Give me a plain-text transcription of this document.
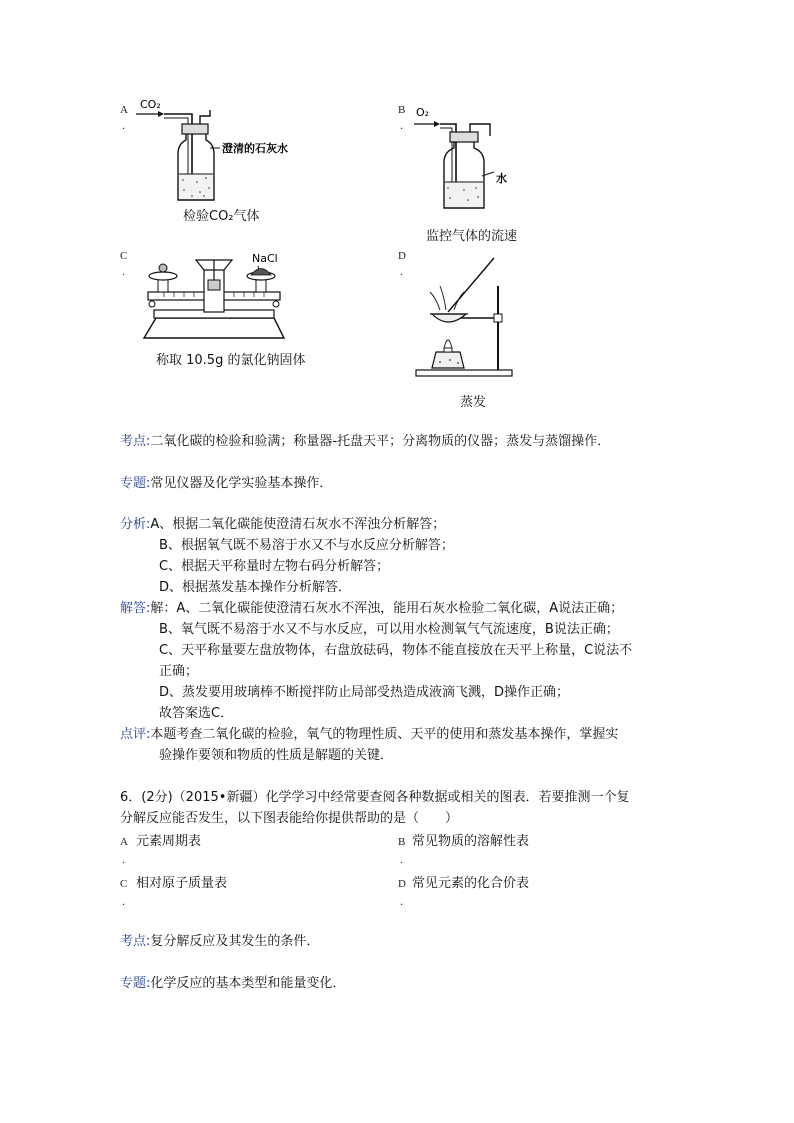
A
.
CO₂
澄清的石灰水
检验CO₂气体
B
.
O₂
水
监控气体的流速
C
.
NaCl
称取 10.5g 的氯化钠固体
D
.
蒸发
考点:二氧化碳的检验和验满；称量器-托盘天平；分离物质的仪器；蒸发与蒸馏操作．
专题:常见仪器及化学实验基本操作．
分析:A、根据二氧化碳能使澄清石灰水不浑浊分析解答；
B、根据氧气既不易溶于水又不与水反应分析解答；
C、根据天平称量时左物右码分析解答；
D、根据蒸发基本操作分析解答．
解答:解：A、二氧化碳能使澄清石灰水不浑浊，能用石灰水检验二氧化碳，A说法正确；
B、氧气既不易溶于水又不与水反应，可以用水检测氧气气流速度，B说法正确；
C、天平称量要左盘放物体，右盘放砝码，物体不能直接放在天平上称量，C说法不
正确；
D、蒸发要用玻璃棒不断搅拌防止局部受热造成液滴飞溅，D操作正确；
故答案选C．
点评:本题考查二氧化碳的检验，氧气的物理性质、天平的使用和蒸发基本操作，掌握实
验操作要领和物质的性质是解题的关键．
6．(2分)（2015•新疆）化学学习中经常要查阅各种数据或相关的图表．若要推测一个复
分解反应能否发生，以下图表能给你提供帮助的是（　　）
A 元素周期表
.
B 常见物质的溶解性表
.
C 相对原子质量表
.
D 常见元素的化合价表
.
考点:复分解反应及其发生的条件．
专题:化学反应的基本类型和能量变化．
